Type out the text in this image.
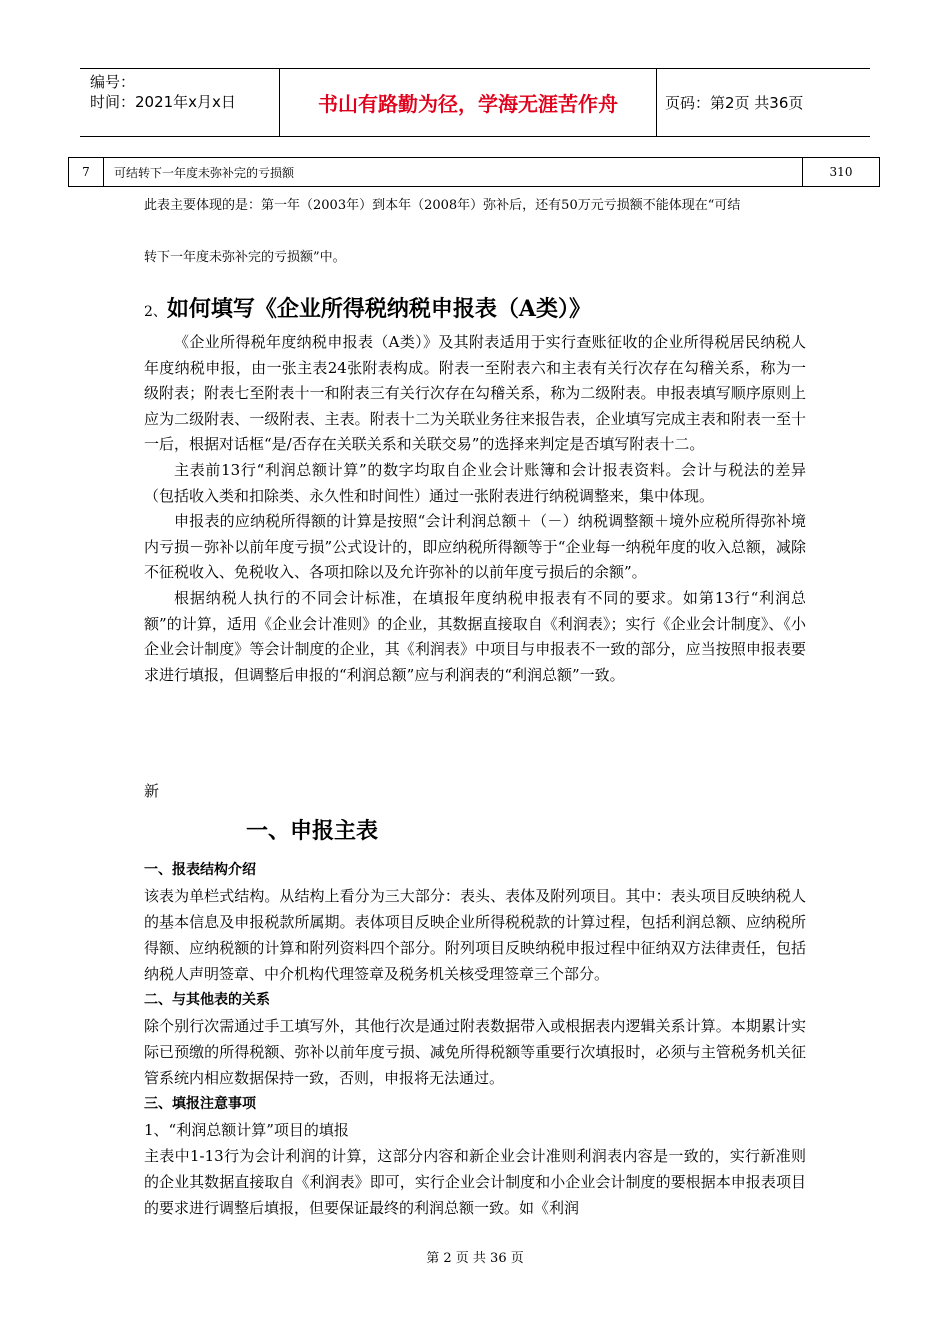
编号：
时间：2021年x月x日	书山有路勤为径，学海无涯苦作舟	页码：第2页 共36页
7	可结转下一年度未弥补完的亏损额	310
此表主要体现的是：第一年（2003年）到本年（2008年）弥补后，还有50万元亏损额不能体现在“可结
转下一年度未弥补完的亏损额”中。
2、如何填写《企业所得税纳税申报表（A类）》

《企业所得税年度纳税申报表（A类）》及其附表适用于实行查账征收的企业所得税居民纳税人年度纳税申报，由一张主表24张附表构成。附表一至附表六和主表有关行次存在勾稽关系，称为一级附表；附表七至附表十一和附表三有关行次存在勾稽关系，称为二级附表。申报表填写顺序原则上应为二级附表、一级附表、主表。附表十二为关联业务往来报告表，企业填写完成主表和附表一至十一后，根据对话框“是/否存在关联关系和关联交易”的选择来判定是否填写附表十二。

主表前13行“利润总额计算”的数字均取自企业会计账簿和会计报表资料。会计与税法的差异（包括收入类和扣除类、永久性和时间性）通过一张附表进行纳税调整来，集中体现。

申报表的应纳税所得额的计算是按照“会计利润总额＋（－）纳税调整额＋境外应税所得弥补境内亏损－弥补以前年度亏损”公式设计的，即应纳税所得额等于“企业每一纳税年度的收入总额，减除不征税收入、免税收入、各项扣除以及允许弥补的以前年度亏损后的余额”。

根据纳税人执行的不同会计标准，在填报年度纳税申报表有不同的要求。如第13行“利润总额”的计算，适用《企业会计准则》的企业，其数据直接取自《利润表》；实行《企业会计制度》、《小企业会计制度》等会计制度的企业，其《利润表》中项目与申报表不一致的部分，应当按照申报表要求进行填报，但调整后申报的“利润总额”应与利润表的“利润总额”一致。

新
一、申报主表

一、报表结构介绍

该表为单栏式结构。从结构上看分为三大部分：表头、表体及附列项目。其中：表头项目反映纳税人的基本信息及申报税款所属期。表体项目反映企业所得税税款的计算过程，包括利润总额、应纳税所得额、应纳税额的计算和附列资料四个部分。附列项目反映纳税申报过程中征纳双方法律责任，包括纳税人声明签章、中介机构代理签章及税务机关核受理签章三个部分。

二、与其他表的关系

除个别行次需通过手工填写外，其他行次是通过附表数据带入或根据表内逻辑关系计算。本期累计实际已预缴的所得税额、弥补以前年度亏损、减免所得税额等重要行次填报时，必须与主管税务机关征管系统内相应数据保持一致，否则，申报将无法通过。

三、填报注意事项

1、“利润总额计算”项目的填报

主表中1-13行为会计利润的计算，这部分内容和新企业会计准则利润表内容是一致的，实行新准则的企业其数据直接取自《利润表》即可，实行企业会计制度和小企业会计制度的要根据本申报表项目的要求进行调整后填报，但要保证最终的利润总额一致。如《利润

第 2 页 共 36 页
